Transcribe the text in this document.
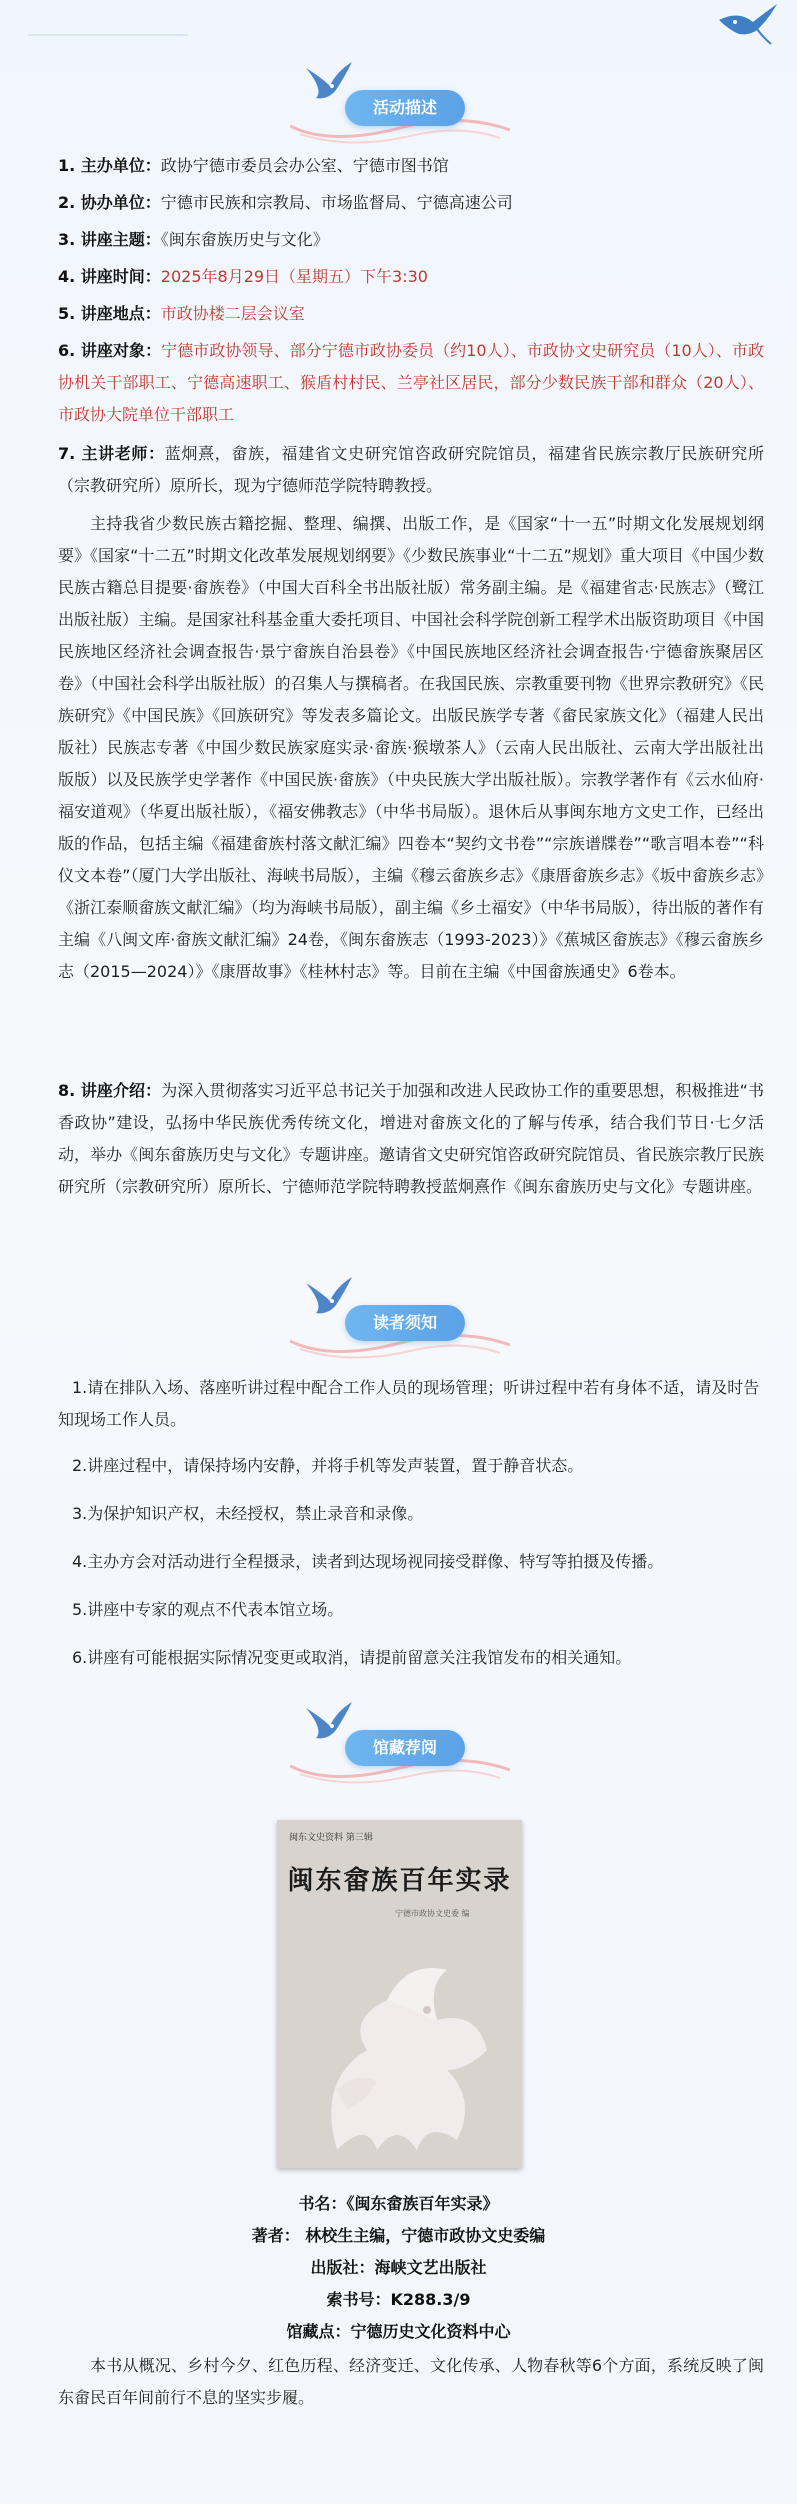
活动描述
1. 主办单位：政协宁德市委员会办公室、宁德市图书馆
2. 协办单位：宁德市民族和宗教局、市场监督局、宁德高速公司
3. 讲座主题：《闽东畲族历史与文化》
4. 讲座时间：2025年8月29日（星期五）下午3:30
5. 讲座地点：市政协楼二层会议室
6. 讲座对象：宁德市政协领导、部分宁德市政协委员（约10人）、市政协文史研究员（10人）、市政协机关干部职工、宁德高速职工、猴盾村村民、兰亭社区居民，部分少数民族干部和群众（20人）、市政协大院单位干部职工
7. 主讲老师：蓝炯熹，畲族，福建省文史研究馆咨政研究院馆员，福建省民族宗教厅民族研究所（宗教研究所）原所长，现为宁德师范学院特聘教授。
主持我省少数民族古籍挖掘、整理、编撰、出版工作，是《国家“十一五”时期文化发展规划纲要》《国家“十二五”时期文化改革发展规划纲要》《少数民族事业“十二五”规划》重大项目《中国少数民族古籍总目提要·畲族卷》（中国大百科全书出版社版）常务副主编。是《福建省志·民族志》（鹭江出版社版）主编。是国家社科基金重大委托项目、中国社会科学院创新工程学术出版资助项目《中国民族地区经济社会调查报告·景宁畲族自治县卷》《中国民族地区经济社会调查报告·宁德畲族聚居区卷》（中国社会科学出版社版）的召集人与撰稿者。在我国民族、宗教重要刊物《世界宗教研究》《民族研究》《中国民族》《回族研究》等发表多篇论文。出版民族学专著《畲民家族文化》（福建人民出版社）民族志专著《中国少数民族家庭实录·畲族·猴墩茶人》（云南人民出版社、云南大学出版社出版版）以及民族学史学著作《中国民族·畲族》（中央民族大学出版社版）。宗教学著作有《云水仙府·福安道观》（华夏出版社版），《福安佛教志》（中华书局版）。退休后从事闽东地方文史工作，已经出版的作品，包括主编《福建畲族村落文献汇编》四卷本“契约文书卷”“宗族谱牒卷”“歌言唱本卷”“科仪文本卷”（厦门大学出版社、海峡书局版），主编《穆云畲族乡志》《康厝畲族乡志》《坂中畲族乡志》《浙江泰顺畲族文献汇编》（均为海峡书局版），副主编《乡土福安》（中华书局版），待出版的著作有主编《八闽文库·畲族文献汇编》24卷，《闽东畲族志（1993-2023）》《蕉城区畲族志》《穆云畲族乡志（2015—2024）》《康厝故事》《桂林村志》等。目前在主编《中国畲族通史》6卷本。
8. 讲座介绍：为深入贯彻落实习近平总书记关于加强和改进人民政协工作的重要思想，积极推进“书香政协”建设，弘扬中华民族优秀传统文化，增进对畲族文化的了解与传承，结合我们节日·七夕活动，举办《闽东畲族历史与文化》专题讲座。邀请省文史研究馆咨政研究院馆员、省民族宗教厅民族研究所（宗教研究所）原所长、宁德师范学院特聘教授蓝炯熹作《闽东畲族历史与文化》专题讲座。
读者须知
1.请在排队入场、落座听讲过程中配合工作人员的现场管理；听讲过程中若有身体不适，请及时告知现场工作人员。
2.讲座过程中，请保持场内安静，并将手机等发声装置，置于静音状态。
3.为保护知识产权，未经授权，禁止录音和录像。
4.主办方会对活动进行全程摄录，读者到达现场视同接受群像、特写等拍摄及传播。
5.讲座中专家的观点不代表本馆立场。
6.讲座有可能根据实际情况变更或取消，请提前留意关注我馆发布的相关通知。
馆藏荐阅
闽东文史资料 第三辑
闽东畲族百年实录
宁德市政协文史委 编
书名：《闽东畲族百年实录》
著者： 林校生主编，宁德市政协文史委编
出版社：海峡文艺出版社
索书号：K288.3/9
馆藏点：宁德历史文化资料中心
本书从概况、乡村今夕、红色历程、经济变迁、文化传承、人物春秋等6个方面，系统反映了闽东畲民百年间前行不息的坚实步履。
